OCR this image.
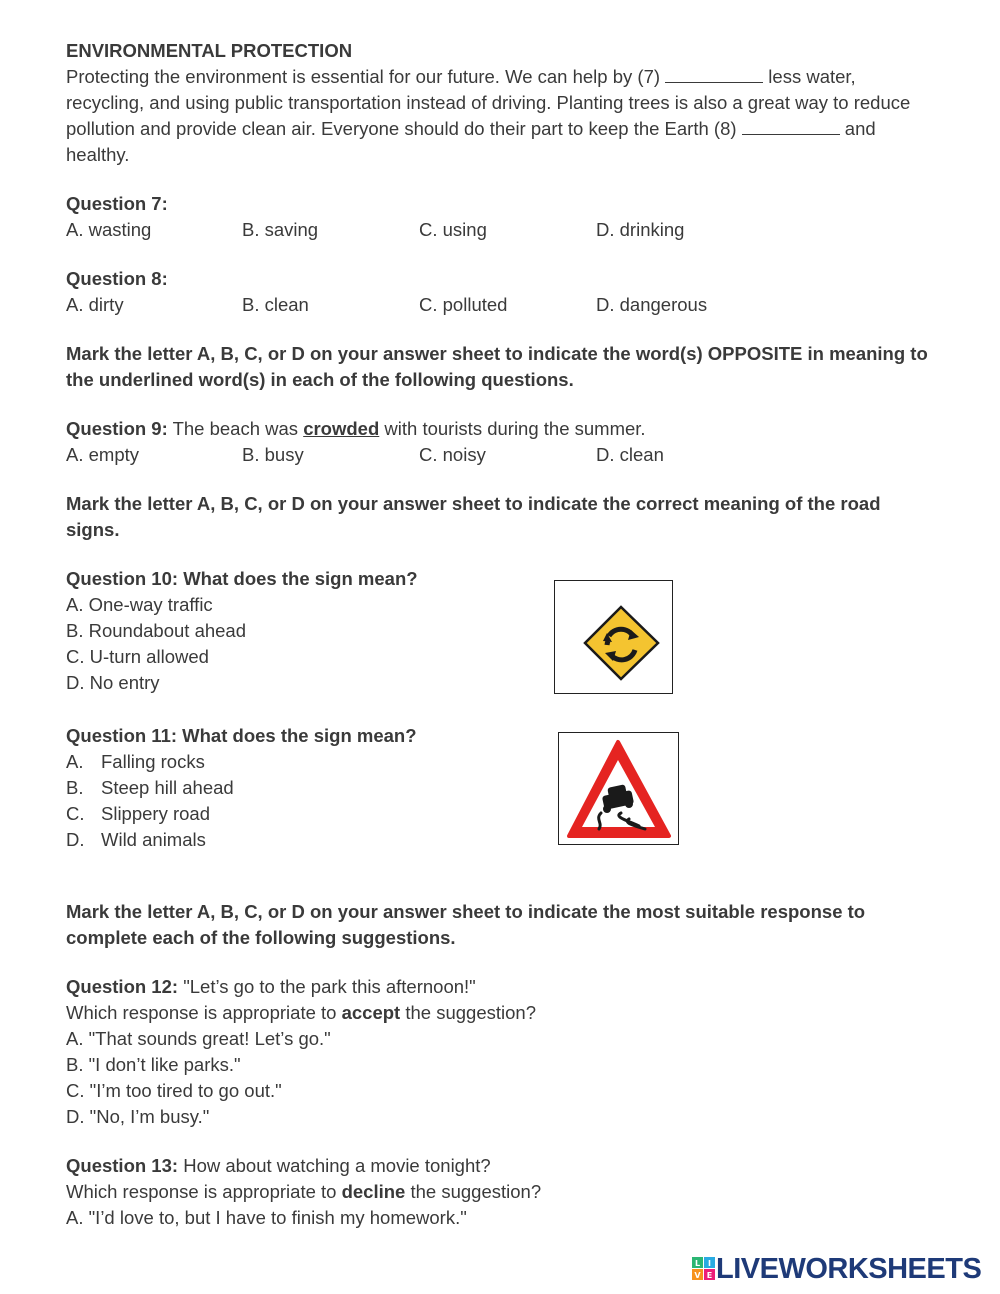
ENVIRONMENTAL PROTECTION
Protecting the environment is essential for our future. We can help by (7)	less water,
recycling, and using public transportation instead of driving. Planting trees is also a great way to reduce
pollution and provide clean air. Everyone should do their part to keep the Earth (8)	and
healthy.
Question 7:
A. wasting	B. saving	C. using	D. drinking
Question 8:
A. dirty	B. clean	C. polluted	D. dangerous
Mark the letter A, B, C, or D on your answer sheet to indicate the word(s) OPPOSITE in meaning to
the underlined word(s) in each of the following questions.
Question 9: The beach was crowded with tourists during the summer.
A. empty	B. busy	C. noisy	D. clean
Mark the letter A, B, C, or D on your answer sheet to indicate the correct meaning of the road
signs.
Question 10: What does the sign mean?
A. One-way traffic
B. Roundabout ahead
C. U-turn allowed
D. No entry
Question 11: What does the sign mean?
A. Falling rocks
B. Steep hill ahead
C. Slippery road
D. Wild animals
Mark the letter A, B, C, or D on your answer sheet to indicate the most suitable response to
complete each of the following suggestions.
Question 12: "Let’s go to the park this afternoon!"
Which response is appropriate to accept the suggestion?
A. "That sounds great! Let’s go."
B. "I don’t like parks."
C. "I’m too tired to go out."
D. "No, I’m busy."
Question 13: How about watching a movie tonight?
Which response is appropriate to decline the suggestion?
A. "I’d love to, but I have to finish my homework."
L I
V E LIVEWORKSHEETS
